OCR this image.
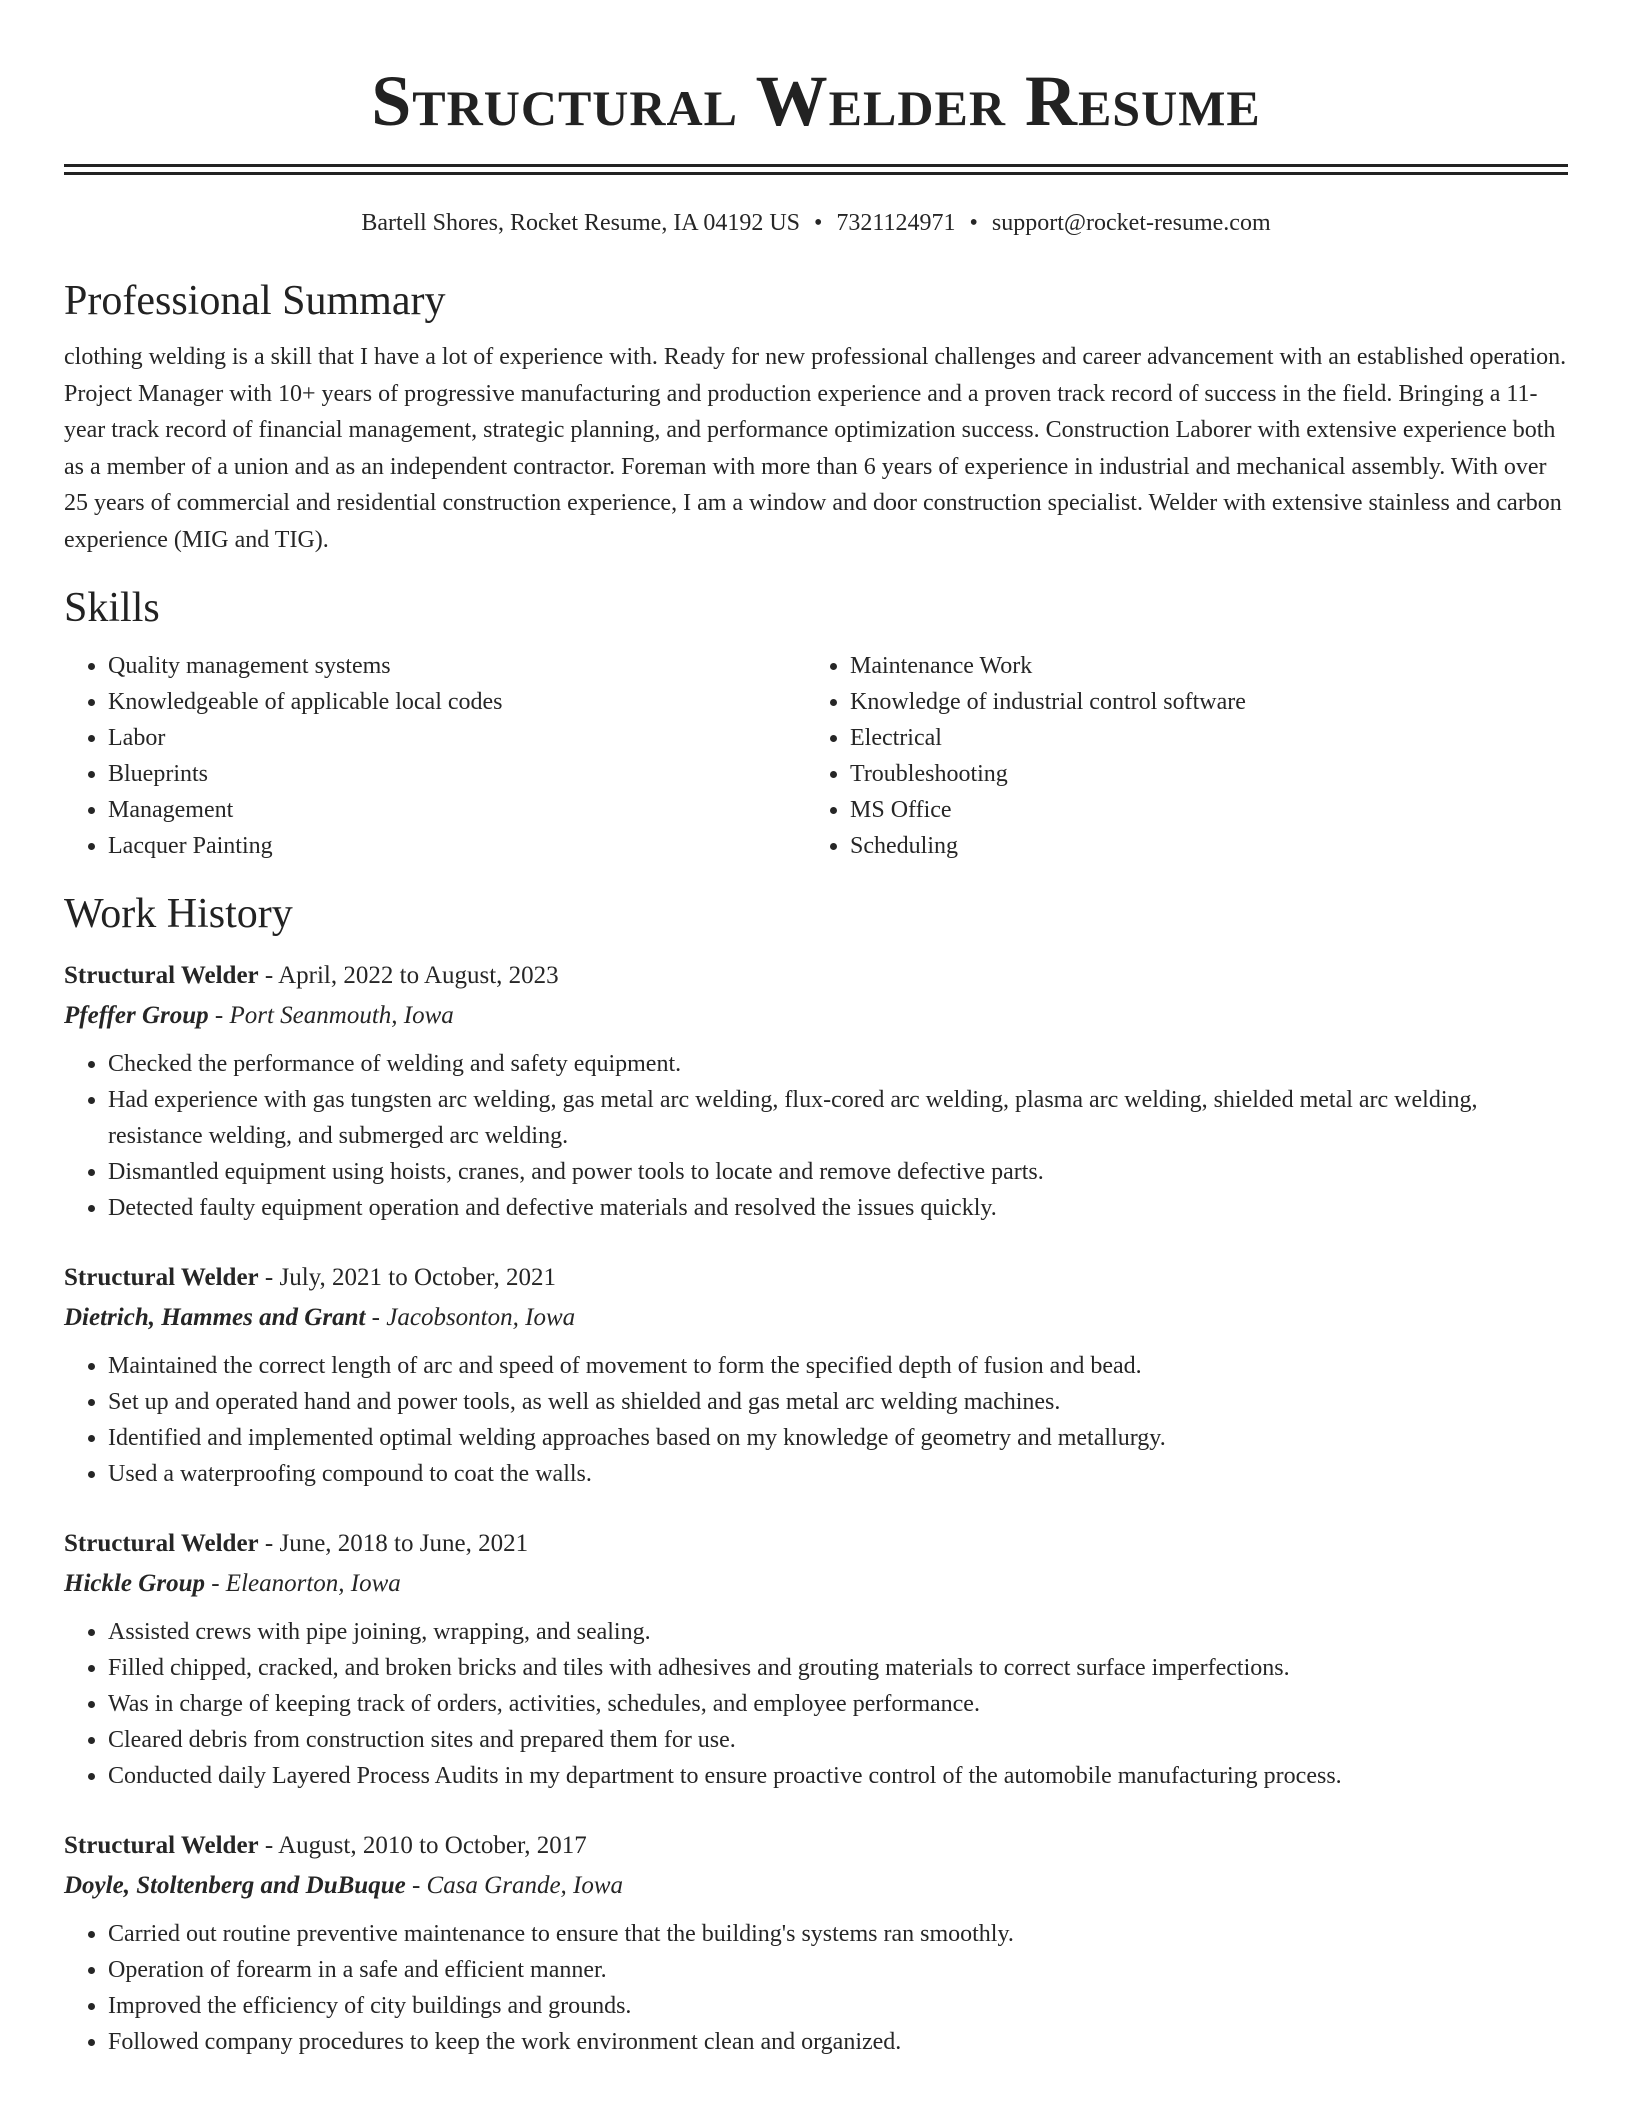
Structural Welder Resume
Bartell Shores, Rocket Resume, IA 04192 US • 7321124971 • support@rocket-resume.com
Professional Summary

clothing welding is a skill that I have a lot of experience with. Ready for new professional challenges and career advancement with an established operation. Project Manager with 10+ years of progressive manufacturing and production experience and a proven track record of success in the field. Bringing a 11-year track record of financial management, strategic planning, and performance optimization success. Construction Laborer with extensive experience both as a member of a union and as an independent contractor. Foreman with more than 6 years of experience in industrial and mechanical assembly. With over 25 years of commercial and residential construction experience, I am a window and door construction specialist. Welder with extensive stainless and carbon experience (MIG and TIG).

Skills
• Quality management systems
• Knowledgeable of applicable local codes
• Labor
• Blueprints
• Management
• Lacquer Painting
• Maintenance Work
• Knowledge of industrial control software
• Electrical
• Troubleshooting
• MS Office
• Scheduling
Work History
Structural Welder - April, 2022 to August, 2023
Pfeffer Group - Port Seanmouth, Iowa
• Checked the performance of welding and safety equipment.
• Had experience with gas tungsten arc welding, gas metal arc welding, flux-cored arc welding, plasma arc welding, shielded metal arc welding, resistance welding, and submerged arc welding.
• Dismantled equipment using hoists, cranes, and power tools to locate and remove defective parts.
• Detected faulty equipment operation and defective materials and resolved the issues quickly.
Structural Welder - July, 2021 to October, 2021
Dietrich, Hammes and Grant - Jacobsonton, Iowa
• Maintained the correct length of arc and speed of movement to form the specified depth of fusion and bead.
• Set up and operated hand and power tools, as well as shielded and gas metal arc welding machines.
• Identified and implemented optimal welding approaches based on my knowledge of geometry and metallurgy.
• Used a waterproofing compound to coat the walls.
Structural Welder - June, 2018 to June, 2021
Hickle Group - Eleanorton, Iowa
• Assisted crews with pipe joining, wrapping, and sealing.
• Filled chipped, cracked, and broken bricks and tiles with adhesives and grouting materials to correct surface imperfections.
• Was in charge of keeping track of orders, activities, schedules, and employee performance.
• Cleared debris from construction sites and prepared them for use.
• Conducted daily Layered Process Audits in my department to ensure proactive control of the automobile manufacturing process.
Structural Welder - August, 2010 to October, 2017
Doyle, Stoltenberg and DuBuque - Casa Grande, Iowa
• Carried out routine preventive maintenance to ensure that the building's systems ran smoothly.
• Operation of forearm in a safe and efficient manner.
• Improved the efficiency of city buildings and grounds.
• Followed company procedures to keep the work environment clean and organized.
